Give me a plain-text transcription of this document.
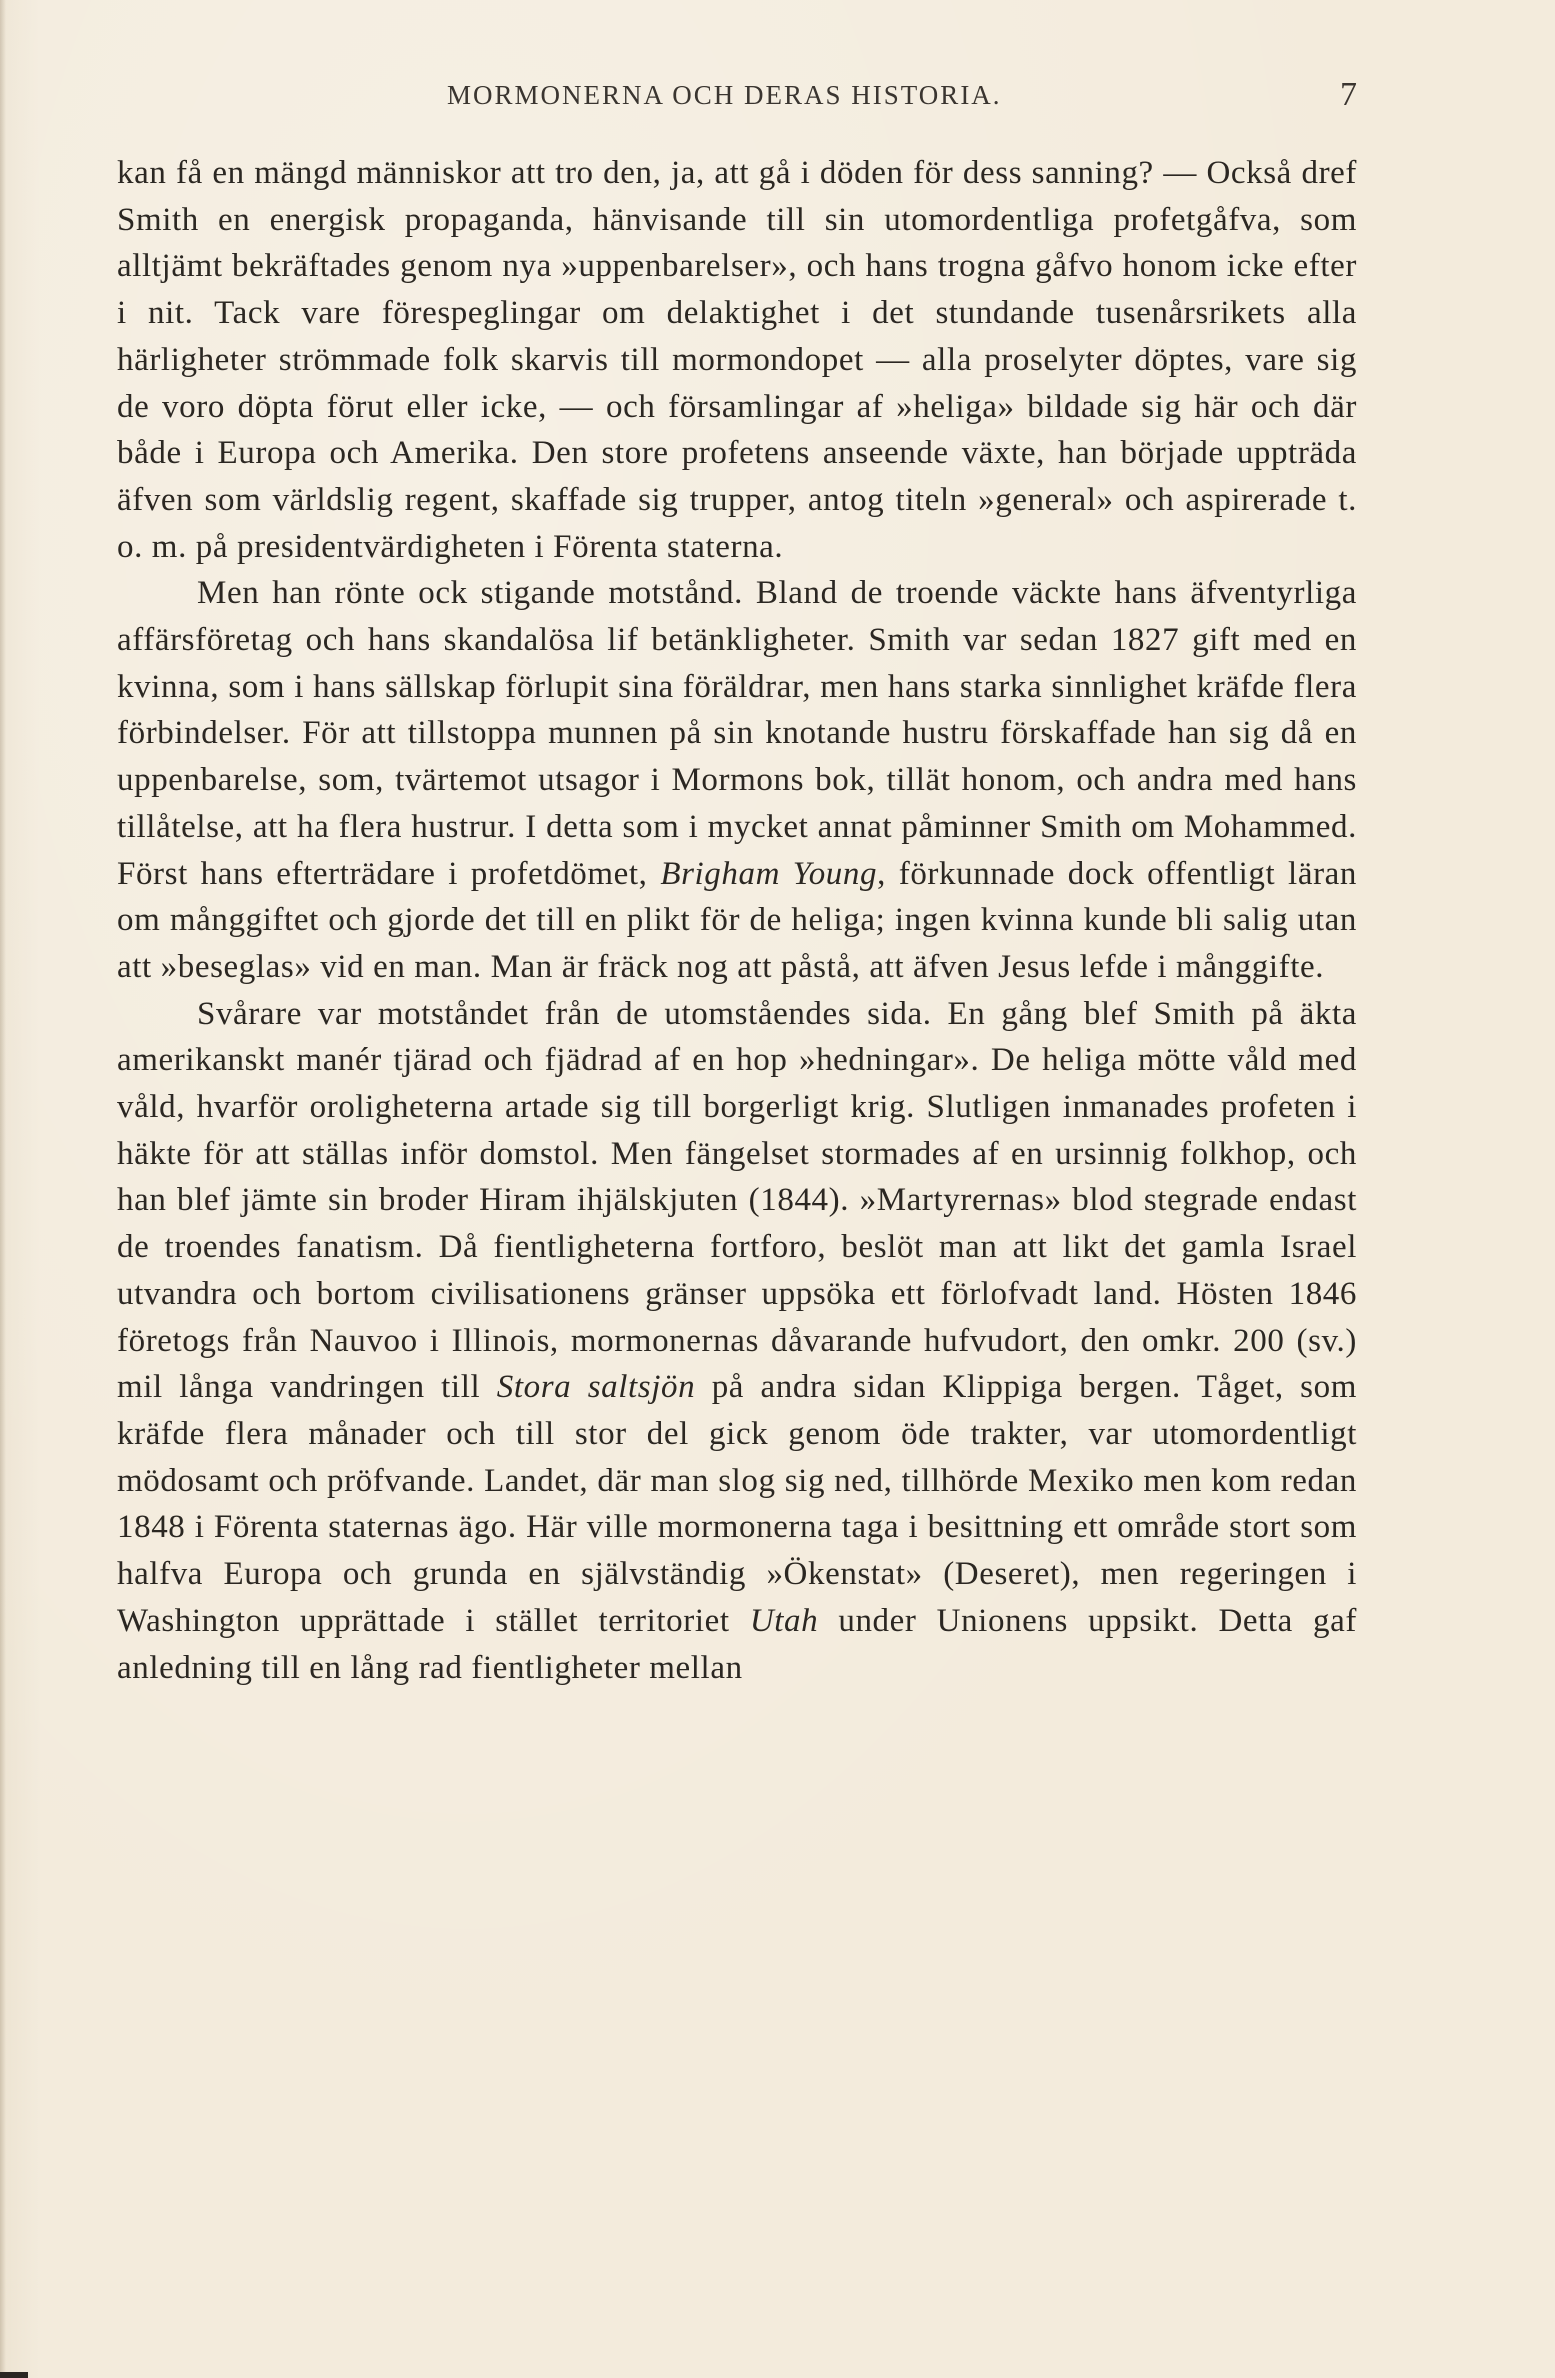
MORMONERNA OCH DERAS HISTORIA.	7

kan få en mängd människor att tro den, ja, att gå i döden för dess sanning? — Också dref Smith en energisk propaganda, hänvisande till sin utomordentliga profetgåfva, som alltjämt bekräftades genom nya »uppenbarelser», och hans trogna gåfvo honom icke efter i nit. Tack vare förespeglingar om delaktighet i det stundande tusenårsrikets alla härligheter strömmade folk skarvis till mormondopet — alla proselyter döptes, vare sig de voro döpta förut eller icke, — och församlingar af »heliga» bildade sig här och där både i Europa och Amerika. Den store profetens anseende växte, han började uppträda äfven som världslig regent, skaffade sig trupper, antog titeln »general» och aspirerade t. o. m. på presidentvärdigheten i Förenta staterna.

Men han rönte ock stigande motstånd. Bland de troende väckte hans äfventyrliga affärsföretag och hans skandalösa lif betänkligheter. Smith var sedan 1827 gift med en kvinna, som i hans sällskap förlupit sina föräldrar, men hans starka sinnlighet kräfde flera förbindelser. För att tillstoppa munnen på sin knotande hustru förskaffade han sig då en uppenbarelse, som, tvärtemot utsagor i Mormons bok, tillät honom, och andra med hans tillåtelse, att ha flera hustrur. I detta som i mycket annat påminner Smith om Mohammed. Först hans efterträdare i profetdömet, Brigham Young, förkunnade dock offentligt läran om månggiftet och gjorde det till en plikt för de heliga; ingen kvinna kunde bli salig utan att »beseglas» vid en man. Man är fräck nog att påstå, att äfven Jesus lefde i månggifte.

Svårare var motståndet från de utomståendes sida. En gång blef Smith på äkta amerikanskt manér tjärad och fjädrad af en hop »hedningar». De heliga mötte våld med våld, hvarför oroligheterna artade sig till borgerligt krig. Slutligen inmanades profeten i häkte för att ställas inför domstol. Men fängelset stormades af en ursinnig folkhop, och han blef jämte sin broder Hiram ihjälskjuten (1844). »Martyrernas» blod stegrade endast de troendes fanatism. Då fientligheterna fortforo, beslöt man att likt det gamla Israel utvandra och bortom civilisationens gränser uppsöka ett förlofvadt land. Hösten 1846 företogs från Nauvoo i Illinois, mormonernas dåvarande hufvudort, den omkr. 200 (sv.) mil långa vandringen till Stora saltsjön på andra sidan Klippiga bergen. Tåget, som kräfde flera månader och till stor del gick genom öde trakter, var utomordentligt mödosamt och pröfvande. Landet, där man slog sig ned, tillhörde Mexiko men kom redan 1848 i Förenta staternas ägo. Här ville mormonerna taga i besittning ett område stort som halfva Europa och grunda en självständig »Ökenstat» (Deseret), men regeringen i Washington upprättade i stället territoriet Utah under Unionens uppsikt. Detta gaf anledning till en lång rad fientligheter mellan
